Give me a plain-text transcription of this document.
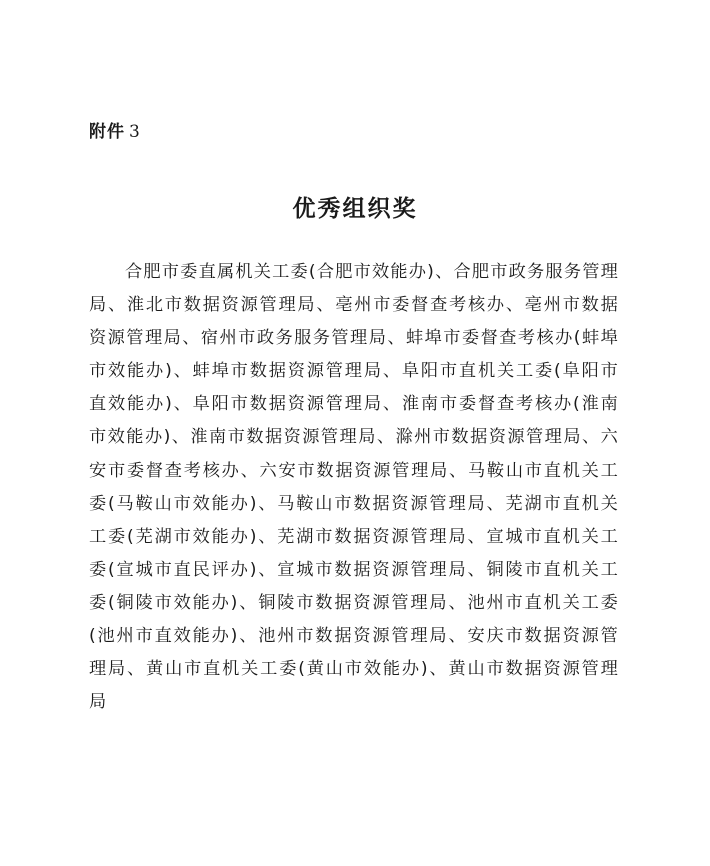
附件 3
优秀组织奖

合肥市委直属机关工委(合肥市效能办)、合肥市政务服务管理局、淮北市数据资源管理局、亳州市委督查考核办、亳州市数据资源管理局、宿州市政务服务管理局、蚌埠市委督查考核办(蚌埠市效能办)、蚌埠市数据资源管理局、阜阳市直机关工委(阜阳市直效能办)、阜阳市数据资源管理局、淮南市委督查考核办(淮南市效能办)、淮南市数据资源管理局、滁州市数据资源管理局、六安市委督查考核办、六安市数据资源管理局、马鞍山市直机关工委(马鞍山市效能办)、马鞍山市数据资源管理局、芜湖市直机关工委(芜湖市效能办)、芜湖市数据资源管理局、宣城市直机关工委(宣城市直民评办)、宣城市数据资源管理局、铜陵市直机关工委(铜陵市效能办)、铜陵市数据资源管理局、池州市直机关工委(池州市直效能办)、池州市数据资源管理局、安庆市数据资源管理局、黄山市直机关工委(黄山市效能办)、黄山市数据资源管理局
